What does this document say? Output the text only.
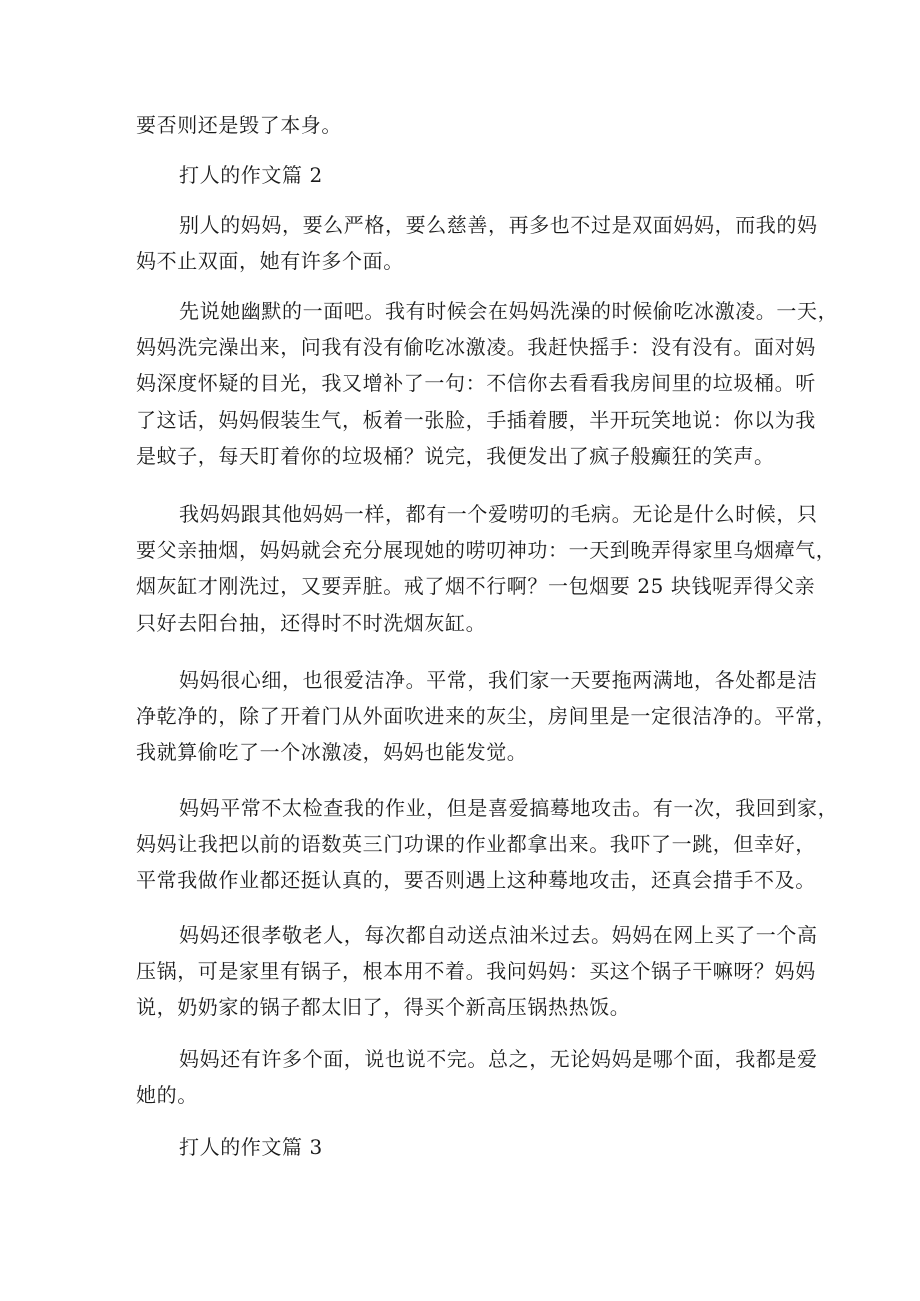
要否则还是毁了本身。

打人的作文篇 2

别人的妈妈，要么严格，要么慈善，再多也不过是双面妈妈，而我的妈
妈不止双面，她有许多个面。

先说她幽默的一面吧。我有时候会在妈妈洗澡的时候偷吃冰激凌。一天，
妈妈洗完澡出来，问我有没有偷吃冰激凌。我赶快摇手：没有没有。面对妈
妈深度怀疑的目光，我又增补了一句：不信你去看看我房间里的垃圾桶。听
了这话，妈妈假装生气，板着一张脸，手插着腰，半开玩笑地说：你以为我
是蚊子，每天盯着你的垃圾桶？说完，我便发出了疯子般癫狂的笑声。

我妈妈跟其他妈妈一样，都有一个爱唠叨的毛病。无论是什么时候，只
要父亲抽烟，妈妈就会充分展现她的唠叨神功：一天到晚弄得家里乌烟瘴气，
烟灰缸才刚洗过，又要弄脏。戒了烟不行啊？一包烟要 25 块钱呢弄得父亲
只好去阳台抽，还得时不时洗烟灰缸。

妈妈很心细，也很爱洁净。平常，我们家一天要拖两满地，各处都是洁
净乾净的，除了开着门从外面吹进来的灰尘，房间里是一定很洁净的。平常，
我就算偷吃了一个冰激凌，妈妈也能发觉。

妈妈平常不太检查我的作业，但是喜爱搞蓦地攻击。有一次，我回到家，
妈妈让我把以前的语数英三门功课的作业都拿出来。我吓了一跳，但幸好，
平常我做作业都还挺认真的，要否则遇上这种蓦地攻击，还真会措手不及。

妈妈还很孝敬老人，每次都自动送点油米过去。妈妈在网上买了一个高
压锅，可是家里有锅子，根本用不着。我问妈妈：买这个锅子干嘛呀？妈妈
说，奶奶家的锅子都太旧了，得买个新高压锅热热饭。

妈妈还有许多个面，说也说不完。总之，无论妈妈是哪个面，我都是爱
她的。

打人的作文篇 3
